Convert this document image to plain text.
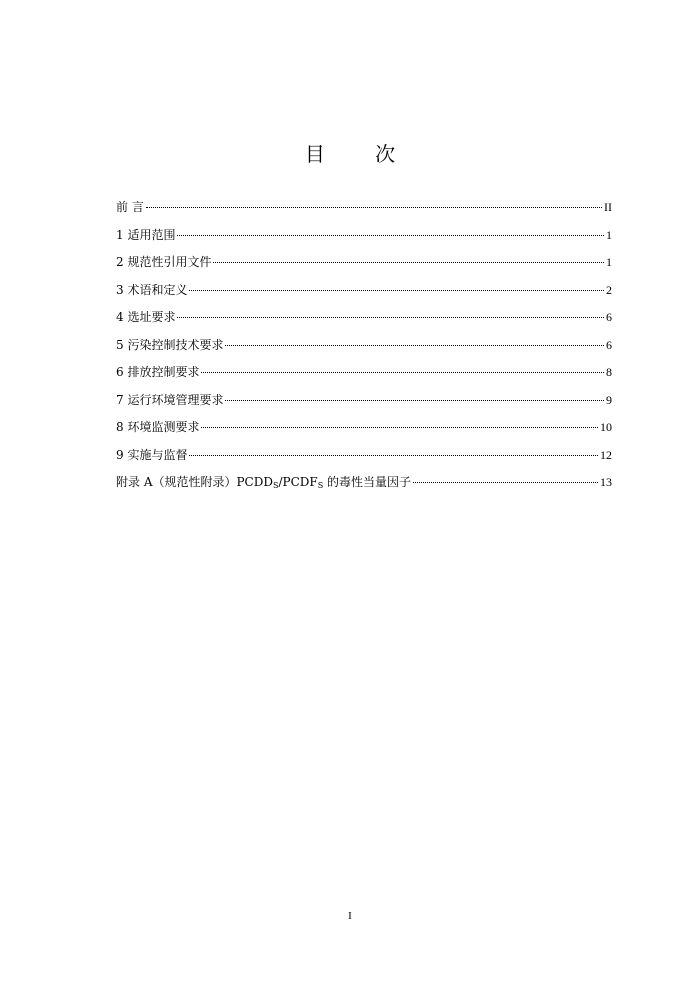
目 次
前 言	II
1 适用范围	1
2 规范性引用文件	1
3 术语和定义	2
4 选址要求	6
5 污染控制技术要求	6
6 排放控制要求	8
7 运行环境管理要求	9
8 环境监测要求	10
9 实施与监督	12
附录 A（规范性附录）$PCDD_S/PCDF_S$ 的毒性当量因子	13
I
